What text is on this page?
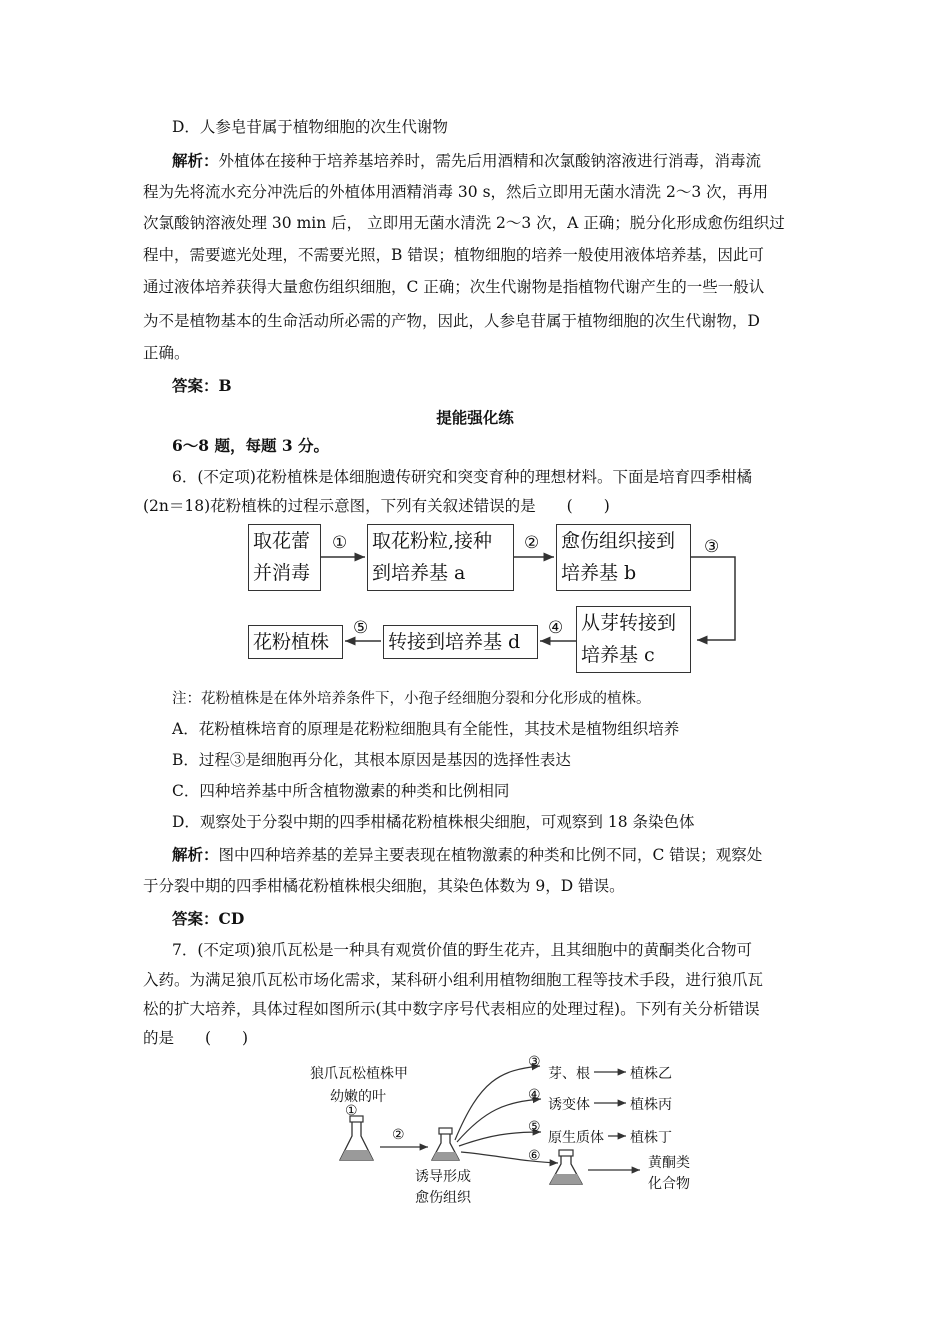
D．人参皂苷属于植物细胞的次生代谢物
解析：外植体在接种于培养基培养时，需先后用酒精和次氯酸钠溶液进行消毒，消毒流
程为先将流水充分冲洗后的外植体用酒精消毒 30 s，然后立即用无菌水清洗 2～3 次，再用
次氯酸钠溶液处理 30 min 后， 立即用无菌水清洗 2～3 次，A 正确；脱分化形成愈伤组织过
程中，需要遮光处理，不需要光照，B 错误；植物细胞的培养一般使用液体培养基，因此可
通过液体培养获得大量愈伤组织细胞，C 正确；次生代谢物是指植物代谢产生的一些一般认
为不是植物基本的生命活动所必需的产物，因此，人参皂苷属于植物细胞的次生代谢物，D
正确。
答案：B
提能强化练
6～8 题，每题 3 分。
6．(不定项)花粉植株是体细胞遗传研究和突变育种的理想材料。下面是培育四季柑橘
(2n＝18)花粉植株的过程示意图，下列有关叙述错误的是　　(　　)
取花蕾
并消毒
取花粉粒,接种
到培养基 a
愈伤组织接到
培养基 b
从芽转接到
培养基 c
转接到培养基 d
花粉植株
①	②	③
④
⑤
注：花粉植株是在体外培养条件下，小孢子经细胞分裂和分化形成的植株。
A．花粉植株培育的原理是花粉粒细胞具有全能性，其技术是植物组织培养
B．过程③是细胞再分化，其根本原因是基因的选择性表达
C．四种培养基中所含植物激素的种类和比例相同
D．观察处于分裂中期的四季柑橘花粉植株根尖细胞，可观察到 18 条染色体
解析：图中四种培养基的差异主要表现在植物激素的种类和比例不同，C 错误；观察处
于分裂中期的四季柑橘花粉植株根尖细胞，其染色体数为 9，D 错误。
答案：CD
7．(不定项)狼爪瓦松是一种具有观赏价值的野生花卉，且其细胞中的黄酮类化合物可
入药。为满足狼爪瓦松市场化需求，某科研小组利用植物细胞工程等技术手段，进行狼爪瓦
松的扩大培养，具体过程如图所示(其中数字序号代表相应的处理过程)。下列有关分析错误
的是　　(　　)
狼爪瓦松植株甲
幼嫩的叶
①
②
诱导形成
愈伤组织
③
④
⑤
⑥
芽、根
诱变体
原生质体
植株乙
植株丙
植株丁
黄酮类
化合物
